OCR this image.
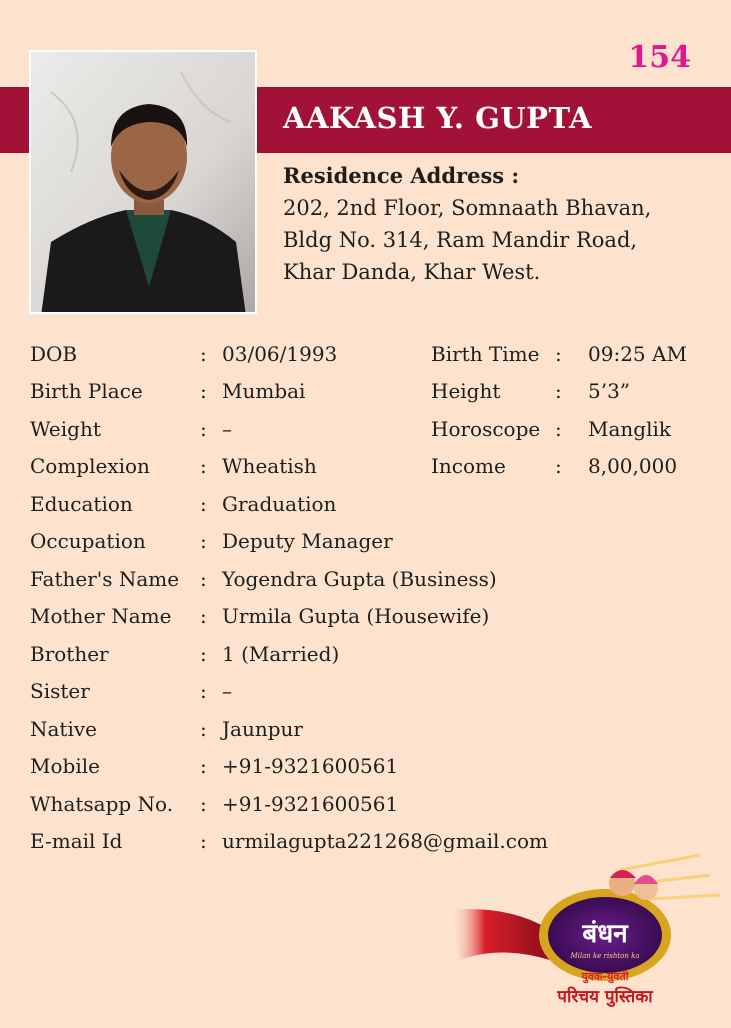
154
AAKASH Y. GUPTA
Residence Address :
202, 2nd Floor, Somnaath Bhavan,
Bldg No. 314, Ram Mandir Road,
Khar Danda, Khar West.
DOB	: 03/06/1993	Birth Time : 09:25 AM
Birth Place	: Mumbai	Height	: 5’3”
Weight	: –	Horoscope : Manglik
Complexion	: Wheatish	Income : 8,00,000
Education	: Graduation
Occupation	: Deputy Manager
Father's Name : Yogendra Gupta (Business)
Mother Name : Urmila Gupta (Housewife)
Brother	: 1 (Married)
Sister	: –
Native	: Jaunpur
Mobile	: +91-9321600561
Whatsapp No. : +91-9321600561
E-mail Id	: urmilagupta221268@gmail.com
बंधन
Milan ke rishton ka
युवक-युवती
परिचय पुस्तिका
